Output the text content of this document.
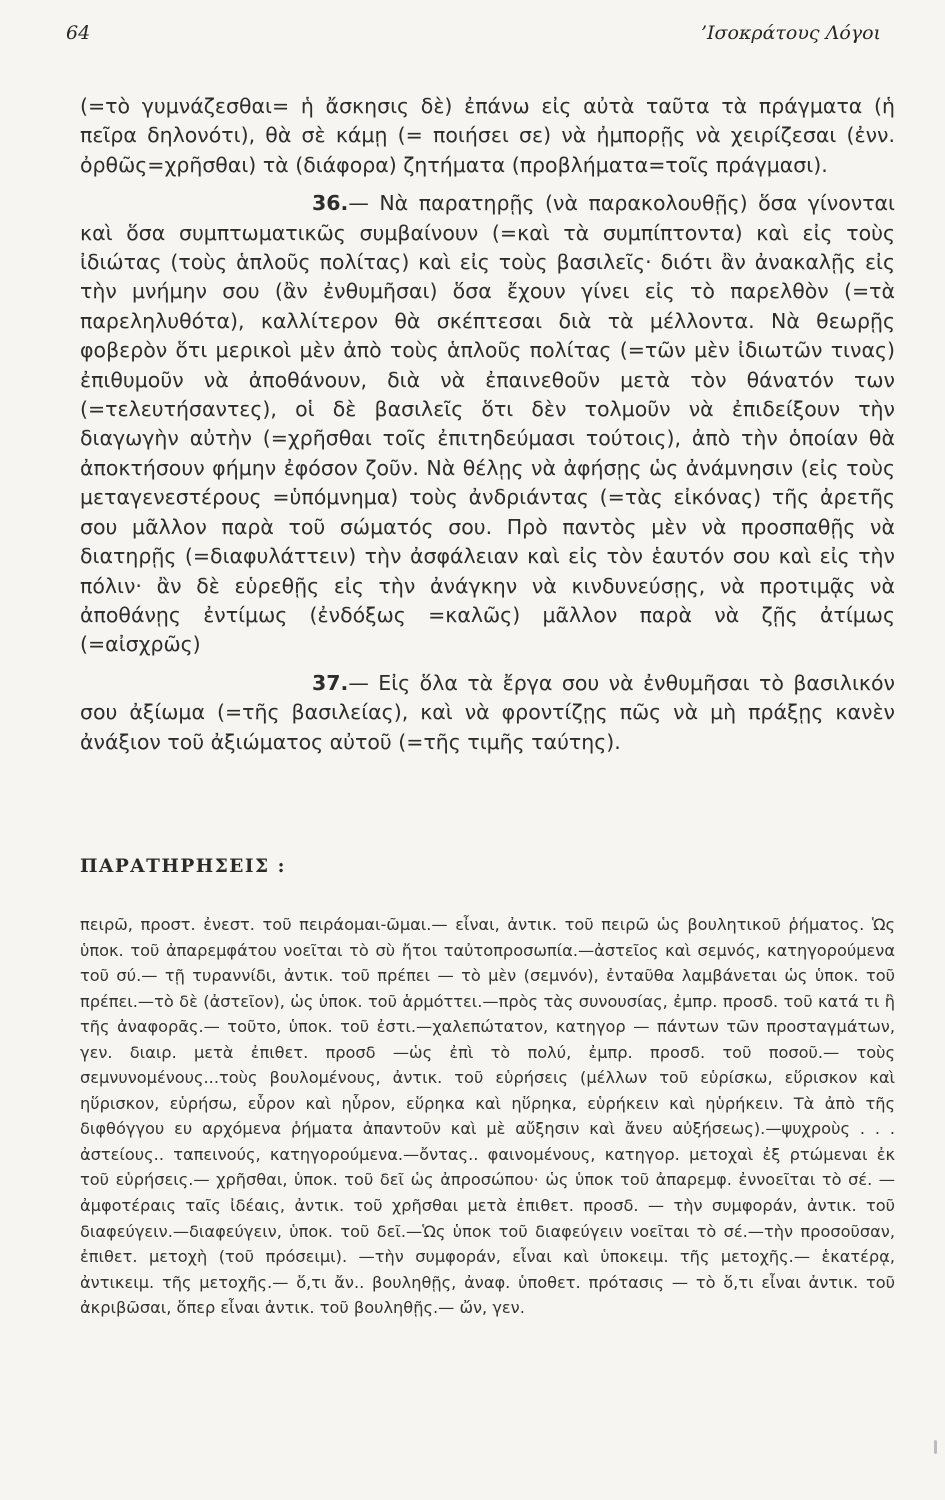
64	’Ισοκράτους Λόγοι

(=τὸ γυμνάζεσθαι= ἡ ἄσκησις δὲ) ἐπάνω εἰς αὐτὰ ταῦτα τὰ πράγματα (ἡ πεῖρα δηλονότι), θὰ σὲ κάμῃ (= ποιήσει σε) νὰ ἠμπορῇς νὰ χειρίζεσαι (ἐνν. ὀρθῶς=χρῆσθαι) τὰ (διάφορα) ζητήματα (προβλήματα=τοῖς πράγμασι).

36.— Νὰ παρατηρῇς (νὰ παρακολουθῇς) ὅσα γίνονται καὶ ὅσα συμπτωματικῶς συμβαίνουν (=καὶ τὰ συμπίπτοντα) καὶ εἰς τοὺς ἰδιώτας (τοὺς ἁπλοῦς πολίτας) καὶ εἰς τοὺς βασιλεῖς· διότι ἂν ἀνακαλῇς εἰς τὴν μνήμην σου (ἂν ἐνθυμῆσαι) ὅσα ἔχουν γίνει εἰς τὸ παρελθὸν (=τὰ παρεληλυθότα), καλλίτερον θὰ σκέπτεσαι διὰ τὰ μέλλοντα. Νὰ θεωρῇς φοβερὸν ὅτι μερικοὶ μὲν ἀπὸ τοὺς ἁπλοῦς πολίτας (=τῶν μὲν ἰδιωτῶν τινας) ἐπιθυμοῦν νὰ ἀποθάνουν, διὰ νὰ ἐπαινεθοῦν μετὰ τὸν θάνατόν των (=τελευτήσαντες), οἱ δὲ βασιλεῖς ὅτι δὲν τολμοῦν νὰ ἐπιδείξουν τὴν διαγωγὴν αὐτὴν (=χρῆσθαι τοῖς ἐπιτηδεύμασι τούτοις), ἀπὸ τὴν ὁποίαν θὰ ἀποκτήσουν φήμην ἐφόσον ζοῦν. Νὰ θέλῃς νὰ ἀφήσῃς ὡς ἀνάμνησιν (εἰς τοὺς μεταγενεστέρους =ὑπόμνημα) τοὺς ἀνδριάντας (=τὰς εἰκόνας) τῆς ἀρετῆς σου μᾶλλον παρὰ τοῦ σώματός σου. Πρὸ παντὸς μὲν νὰ προσπαθῇς νὰ διατηρῇς (=διαφυλάττειν) τὴν ἀσφάλειαν καὶ εἰς τὸν ἑαυτόν σου καὶ εἰς τὴν πόλιν· ἂν δὲ εὑρεθῇς εἰς τὴν ἀνάγκην νὰ κινδυνεύσῃς, νὰ προτιμᾷς νὰ ἀποθάνῃς ἐντίμως (ἐνδόξως =καλῶς) μᾶλλον παρὰ νὰ ζῇς ἀτίμως (=αἰσχρῶς)

37.— Εἰς ὅλα τὰ ἔργα σου νὰ ἐνθυμῆσαι τὸ βασιλικόν σου ἀξίωμα (=τῆς βασιλείας), καὶ νὰ φροντίζῃς πῶς νὰ μὴ πράξῃς κανὲν ἀνάξιον τοῦ ἀξιώματος αὐτοῦ (=τῆς τιμῆς ταύτης).

ΠΑΡΑΤΗΡΗΣΕΙΣ :

πειρῶ, προστ. ἐνεστ. τοῦ πειράομαι-ῶμαι.— εἶναι, ἀντικ. τοῦ πειρῶ ὡς βουλητικοῦ ῥήματος. Ὡς ὑποκ. τοῦ ἀπαρεμφάτου νοεῖται τὸ σὺ ἤτοι ταὐτοπροσωπία.—ἀστεῖος καὶ σεμνός, κατηγορούμενα τοῦ σύ.— τῇ τυραννίδι, ἀντικ. τοῦ πρέπει — τὸ μὲν (σεμνόν), ἐνταῦθα λαμβάνεται ὡς ὑποκ. τοῦ πρέπει.—τὸ δὲ (ἀστεῖον), ὡς ὑποκ. τοῦ ἁρμόττει.—πρὸς τὰς συνουσίας, ἐμπρ. προσδ. τοῦ κατά τι ἢ τῆς ἀναφορᾶς.— τοῦτο, ὑποκ. τοῦ ἐστι.—χαλεπώτατον, κατηγορ — πάντων τῶν προσταγμάτων, γεν. διαιρ. μετὰ ἐπιθετ. προσδ —ὡς ἐπὶ τὸ πολύ, ἐμπρ. προσδ. τοῦ ποσοῦ.— τοὺς σεμνυνομένους...τοὺς βουλομένους, ἀντικ. τοῦ εὑρήσεις (μέλλων τοῦ εὑρίσκω, εὕρισκον καὶ ηὕρισκον, εὑρήσω, εὗρον καὶ ηὗρον, εὕρηκα καὶ ηὕρηκα, εὑρήκειν καὶ ηὑρήκειν. Τὰ ἀπὸ τῆς διφθόγγου ευ αρχόμενα ῥήματα ἀπαντοῦν καὶ μὲ αὔξησιν καὶ ἄνευ αὐξήσεως).—ψυχροὺς . . . ἀστείους.. ταπεινούς, κατηγορούμενα.—ὄντας.. φαινομένους, κατηγορ. μετοχαὶ ἐξ ρτώμεναι ἐκ τοῦ εὑρήσεις.— χρῆσθαι, ὑποκ. τοῦ δεῖ ὡς ἀπροσώπου· ὡς ὑποκ τοῦ ἀπαρεμφ. ἐννοεῖται τὸ σέ. — ἀμφοτέραις ταῖς ἰδέαις, ἀντικ. τοῦ χρῆσθαι μετὰ ἐπιθετ. προσδ. — τὴν συμφοράν, ἀντικ. τοῦ διαφεύγειν.—διαφεύγειν, ὑποκ. τοῦ δεῖ.—Ὡς ὑποκ τοῦ διαφεύγειν νοεῖται τὸ σέ.—τὴν προσοῦσαν, ἐπιθετ. μετοχὴ (τοῦ πρόσειμι). —τὴν συμφοράν, εἶναι καὶ ὑποκειμ. τῆς μετοχῆς.— ἑκατέρᾳ, ἀντικειμ. τῆς μετοχῆς.— ὅ,τι ἄν.. βουληθῇς, ἀναφ. ὑποθετ. πρότασις — τὸ ὅ,τι εἶναι ἀντικ. τοῦ ἀκριβῶσαι, ὅπερ εἶναι ἀντικ. τοῦ βουληθῇς.— ὤν, γεν.
